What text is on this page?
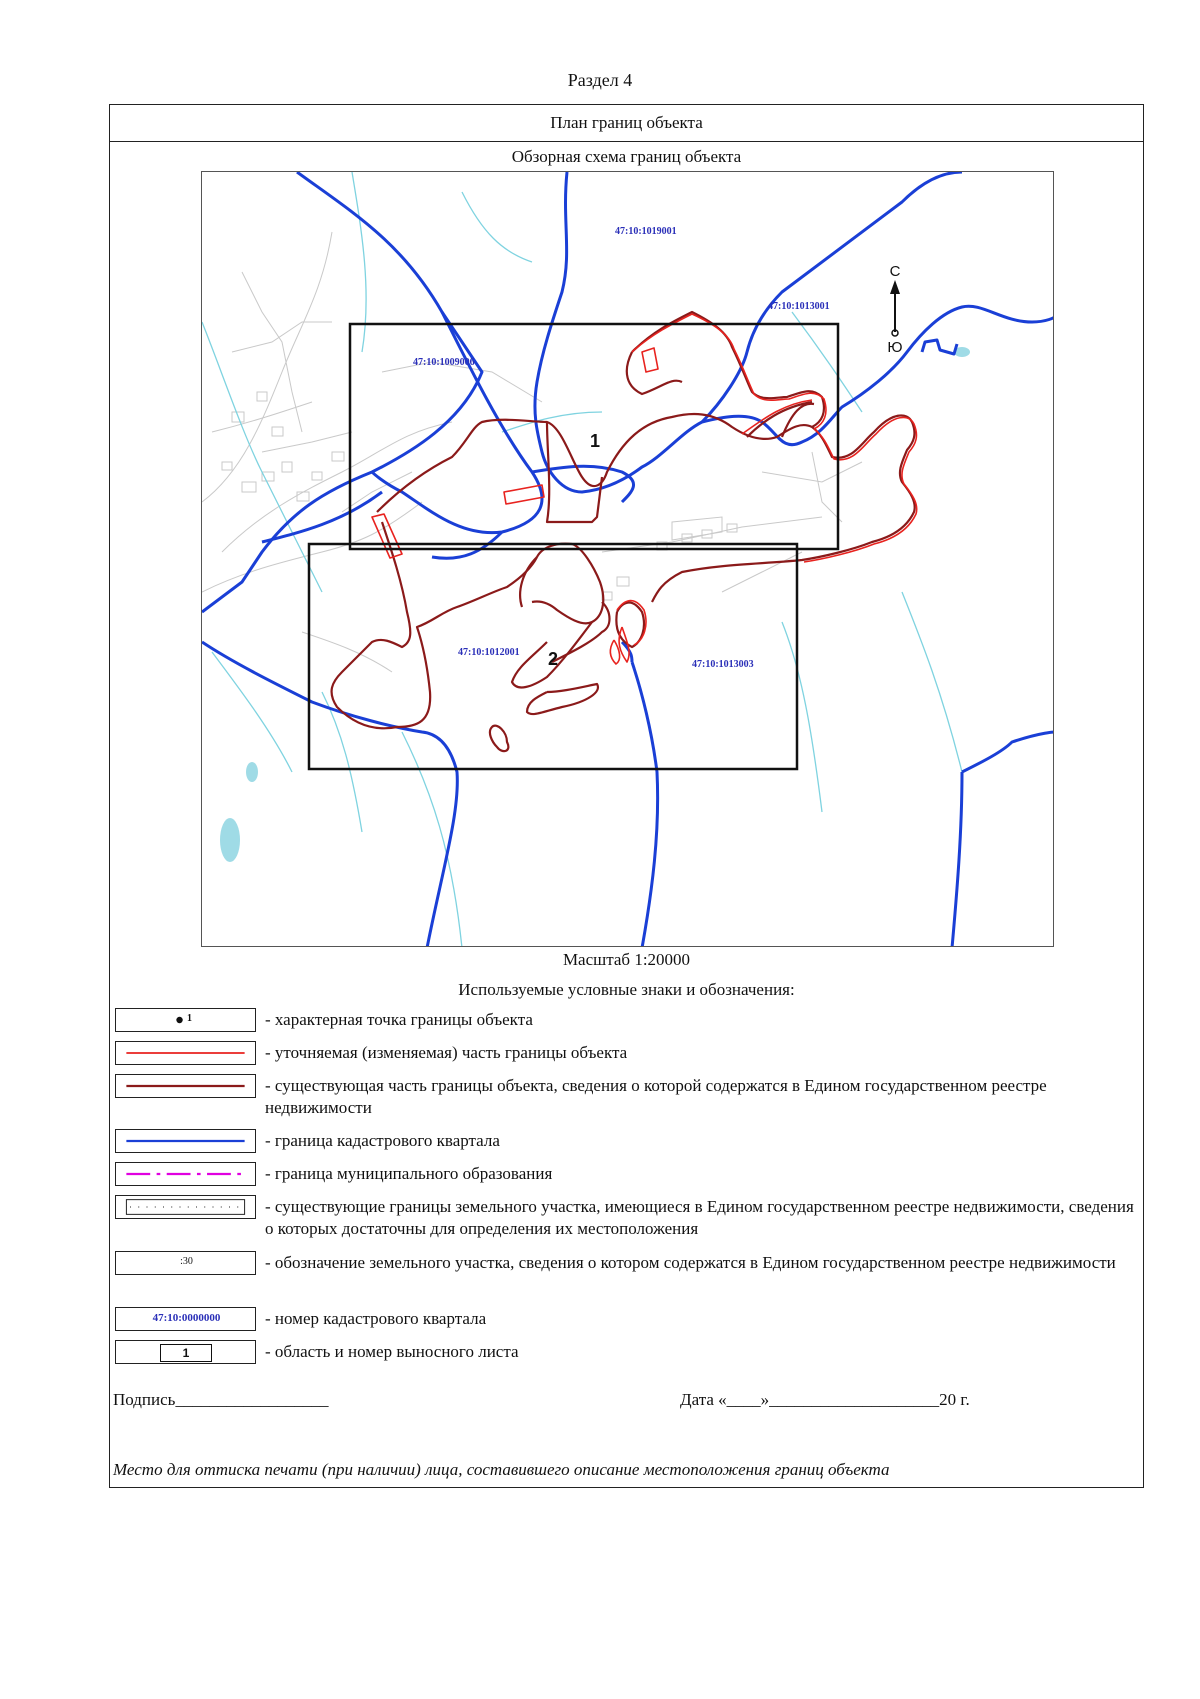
Раздел 4
План границ объекта
Обзорная схема границ объекта
С
Ю
47:10:1019001
47:10:1013001
47:10:1009006
47:10:1012001
47:10:1013003
1
2
Масштаб 1:20000
Используемые условные знаки и обозначения:
1	- характерная точка границы объекта
- уточняемая (изменяемая) часть границы объекта
- существующая часть границы объекта, сведения о которой содержатся в Едином государственном реестре недвижимости
- граница кадастрового квартала
- граница муниципального образования
- существующие границы земельного участка, имеющиеся в Едином государственном реестре недвижимости, сведения о которых достаточны для определения их местоположения
:30	- обозначение земельного участка, сведения о котором содержатся в Едином государственном реестре недвижимости
47:10:0000000	- номер кадастрового квартала
1	- область и номер выносного листа
Подпись__________________	Дата «____»____________________20 г.
Место для оттиска печати (при наличии) лица, составившего описание местоположения границ объекта
